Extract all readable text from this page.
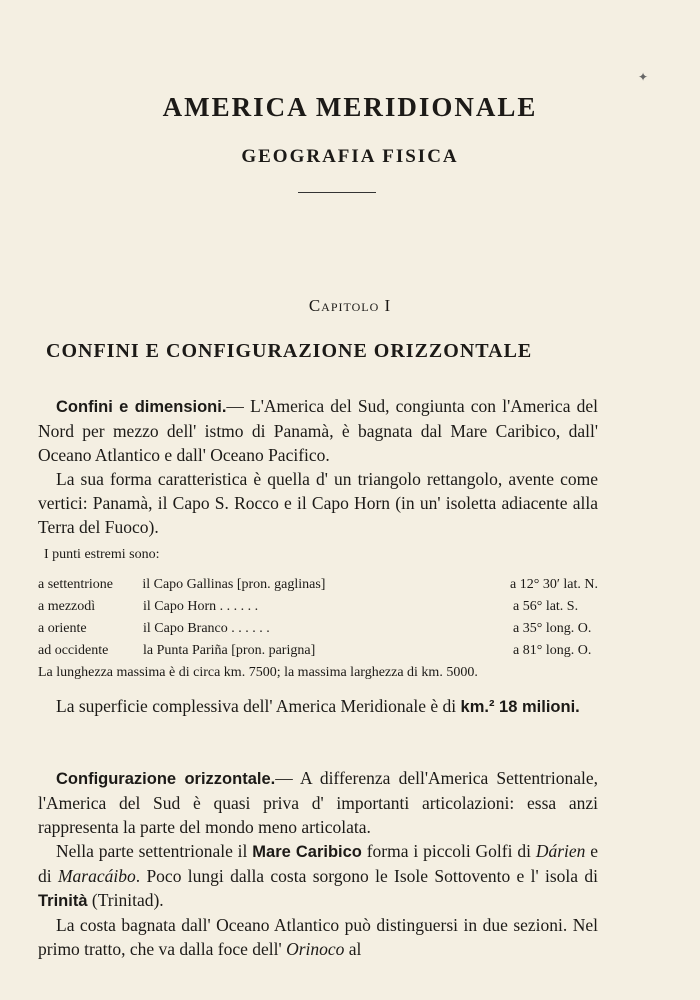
✦
AMERICA MERIDIONALE
GEOGRAFIA FISICA
Capitolo I
CONFINI E CONFIGURAZIONE ORIZZONTALE

Confini e dimensioni.— L'America del Sud, congiunta con l'America del Nord per mezzo dell' istmo di Panamà, è bagnata dal Mare Caribico, dall' Oceano Atlantico e dall' Oceano Pacifico.

La sua forma caratteristica è quella d' un triangolo rettangolo, avente come vertici: Panamà, il Capo S. Rocco e il Capo Horn (in un' isoletta adiacente alla Terra del Fuoco).

I punti estremi sono:
a settentrione	il Capo Gallinas [pron. gaglinas]	a 12° 30′ lat. N.
a mezzodì	il Capo Horn . . . . . .	a 56° lat. S.
a oriente	il Capo Branco . . . . . .	a 35° long. O.
ad occidente	la Punta Pariña [pron. parigna]	a 81° long. O.
La lunghezza massima è di circa km. 7500; la massima larghezza di km. 5000.

La superficie complessiva dell' America Meridionale è di km.² 18 milioni.

Configurazione orizzontale.— A differenza dell'America Settentrionale, l'America del Sud è quasi priva d' importanti articolazioni: essa anzi rappresenta la parte del mondo meno articolata.

Nella parte settentrionale il Mare Caribico forma i piccoli Golfi di Dárien e di Maracáibo. Poco lungi dalla costa sorgono le Isole Sottovento e l' isola di Trinità (Trinitad).

La costa bagnata dall' Oceano Atlantico può distinguersi in due sezioni. Nel primo tratto, che va dalla foce dell' Orinoco al
